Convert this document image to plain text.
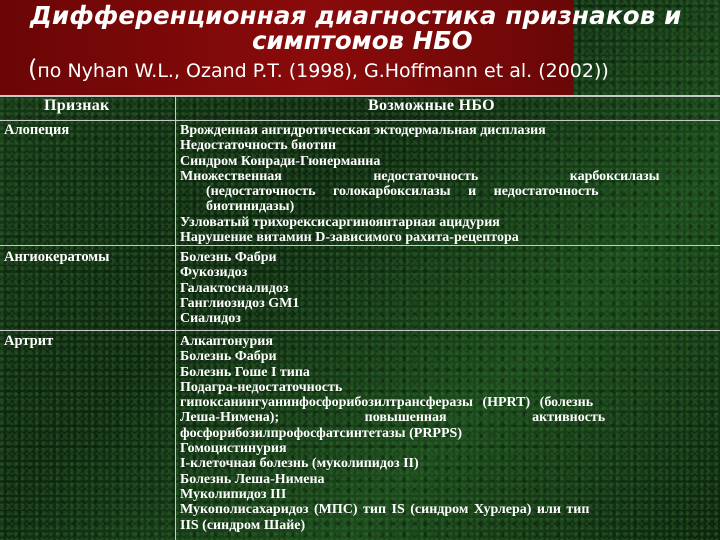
Дифференционная диагностика признаков и
симптомов НБО
(по Nyhan W.L., Ozand P.T. (1998), G.Hoffmann et al. (2002))
Признак	Возможные НБО
Алопеция	Врожденная ангидротическая эктодермальная дисплазия
Недостаточность биотин
Синдром Конради-Гюнерманна
Множественная недостаточность карбоксилазы
(недостаточность голокарбоксилазы и недостаточность
биотинидазы)
Узловатый трихорексисаргиноянтарная ацидурия
Нарушение витамин D-зависимого рахита-рецептора
Ангиокератомы	Болезнь Фабри
Фукозидоз
Галактосиалидоз
Ганглиозидоз GM1
Сиалидоз
Артрит	Алкаптонурия
Болезнь Фабри
Болезнь Гоше I типа
Подагра-недостаточность
гипоксанингуанинфосфорибозилтрансферазы (HPRT) (болезнь
Леша-Нимена); повышенная активность
фосфорибозилпрофосфатсинтетазы (PRPPS)
Гомоцистинурия
I-клеточная болезнь (муколипидоз II)
Болезнь Леша-Нимена
Муколипидоз III
Мукополисахаридоз (МПС) тип IS (синдром Хурлера) или тип
IIS (синдром Шайе)
